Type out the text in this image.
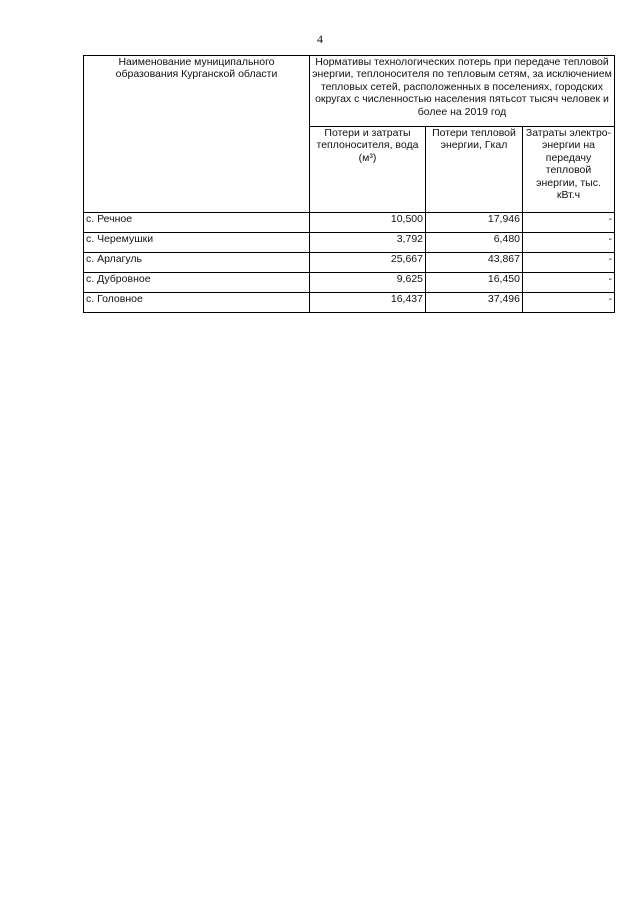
4
Наименование муниципального образования Курганской области	Нормативы технологических потерь при передаче тепловой энергии, теплоносителя по тепловым сетям, за исключением тепловых сетей, расположенных в поселениях, городских округах с численностью населения пятьсот тысяч человек и более на 2019 год		
	Потери и затраты теплоносителя, вода (м³)	Потери тепловой энергии, Гкал	Затраты электро-энергии на передачу тепловой энергии, тыс. кВт.ч
с. Речное	10,500	17,946	-
с. Черемушки	3,792	6,480	-
с. Арлагуль	25,667	43,867	-
с. Дубровное	9,625	16,450	-
с. Головное	16,437	37,496	-
